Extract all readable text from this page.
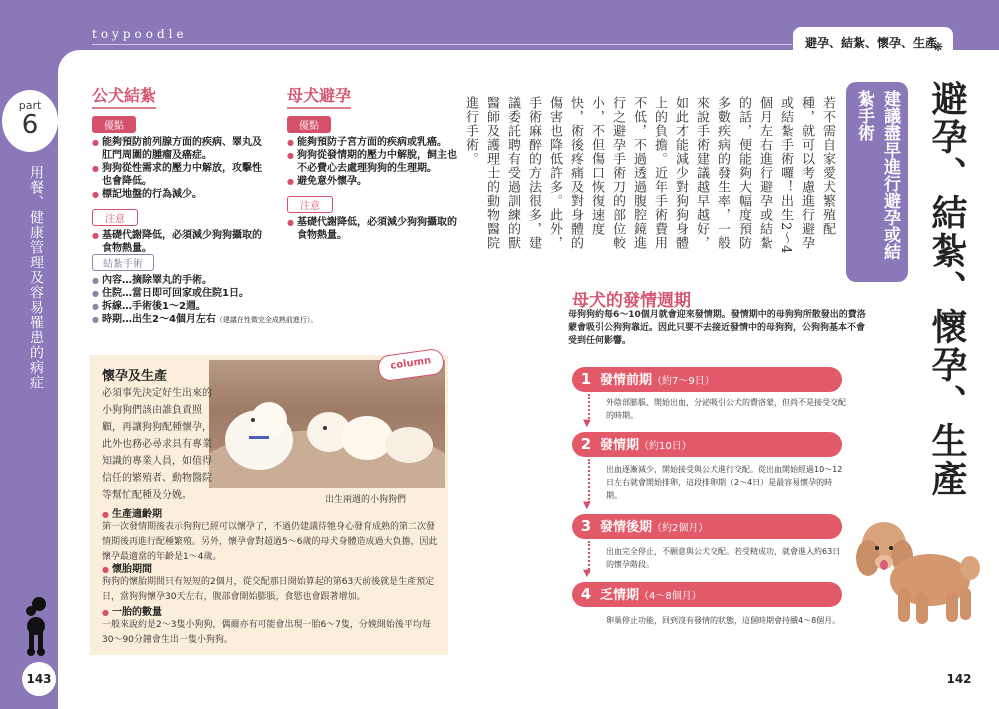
toypoodle
避孕、結紮、懷孕、生產
❋
part
6
用餐、健康管理及容易罹患的病症
143	142
公犬結紮
優點
● 能夠預防前列腺方面的疾病、睪丸及肛門周圍的腫瘤及癌症。
● 狗狗從性需求的壓力中解放，攻擊性也會降低。
● 標記地盤的行為減少。
注意
● 基礎代謝降低，必須減少狗狗攝取的食物熱量。
結紮手術
● 內容…摘除睪丸的手術。
● 住院…當日即可回家或住院1日。
● 拆線…手術後1〜2週。
● 時期…出生2〜4個月左右（建議在性徵完全成熟前進行）。
母犬避孕
優點
● 能夠預防子宮方面的疾病或乳癌。
● 狗狗從發情期的壓力中解脫，飼主也不必費心去處理狗狗的生理期。
● 避免意外懷孕。
注意
● 基礎代謝降低，必須減少狗狗攝取的食物熱量。
column
懷孕及生產
必須事先決定好生出來的小狗狗們該由誰負責照顧，再讓狗狗配種懷孕，此外也務必尋求具有專業知識的專業人員，如值得信任的繁殖者、動物醫院等幫忙配種及分娩。	出生兩週的小狗狗們
● 生產適齡期
第一次發情期後表示狗狗已經可以懷孕了，不過仍建議待牠身心發育成熟的第二次發情期後再進行配種繁殖。另外，懷孕會對超過5〜6歲的母犬身體造成過大負擔，因此懷孕最適當的年齡是1〜4歲。
● 懷胎期間
狗狗的懷胎期間只有短短的2個月，從交配那日開始算起的第63天前後就是生產預定日，當狗狗懷孕30天左右，腹部會開始膨脹，食慾也會跟著增加。
● 一胎的數量
一般來說約是2〜3隻小狗狗，偶爾亦有可能會出現一胎6〜7隻，分娩開始後平均每30〜90分鐘會生出一隻小狗狗。
避孕、結紮、懷孕、生產
建議盡早進行避孕或結紮手術
若不需自家愛犬繁殖配種，就可以考慮進行避孕或結紮手術囉！出生2〜4個月左右進行避孕或結紮的話，便能夠大幅度預防多數疾病的發生率，一般來說手術建議越早越好，如此才能減少對狗狗身體上的負擔。近年手術費用不低，不過透過腹腔鏡進行之避孕手術刀的部位較小，不但傷口恢復速度快，術後疼痛及對身體的傷害也降低許多。此外，手術麻醉的方法很多，建議委託聘有受過訓練的獸醫師及護理士的動物醫院進行手術。
母犬的發情週期
母狗狗約每6〜10個月就會迎來發情期。發情期中的母狗狗所散發出的費洛蒙會吸引公狗狗靠近。因此只要不去接近發情中的母狗狗，公狗狗基本不會受到任何影響。
1 發情前期（約7〜9日）
▼
外陰部膨脹、開始出血，分泌吸引公犬的費洛蒙，但尚不是接受交配的時期。
2 發情期（約10日）
▼
出血逐漸減少，開始接受與公犬進行交配。從出血開始經過10〜12日左右就會開始排卵，這段排卵期（2〜4日）是最容易懷孕的時期。
3 發情後期（約2個月）
▼
出血完全停止，不願意與公犬交配。若受精成功，就會進入約63日的懷孕階段。
4 乏情期（4〜8個月）
卵巢停止功能，回到沒有發情的狀態，這個時期會持續4〜8個月。
